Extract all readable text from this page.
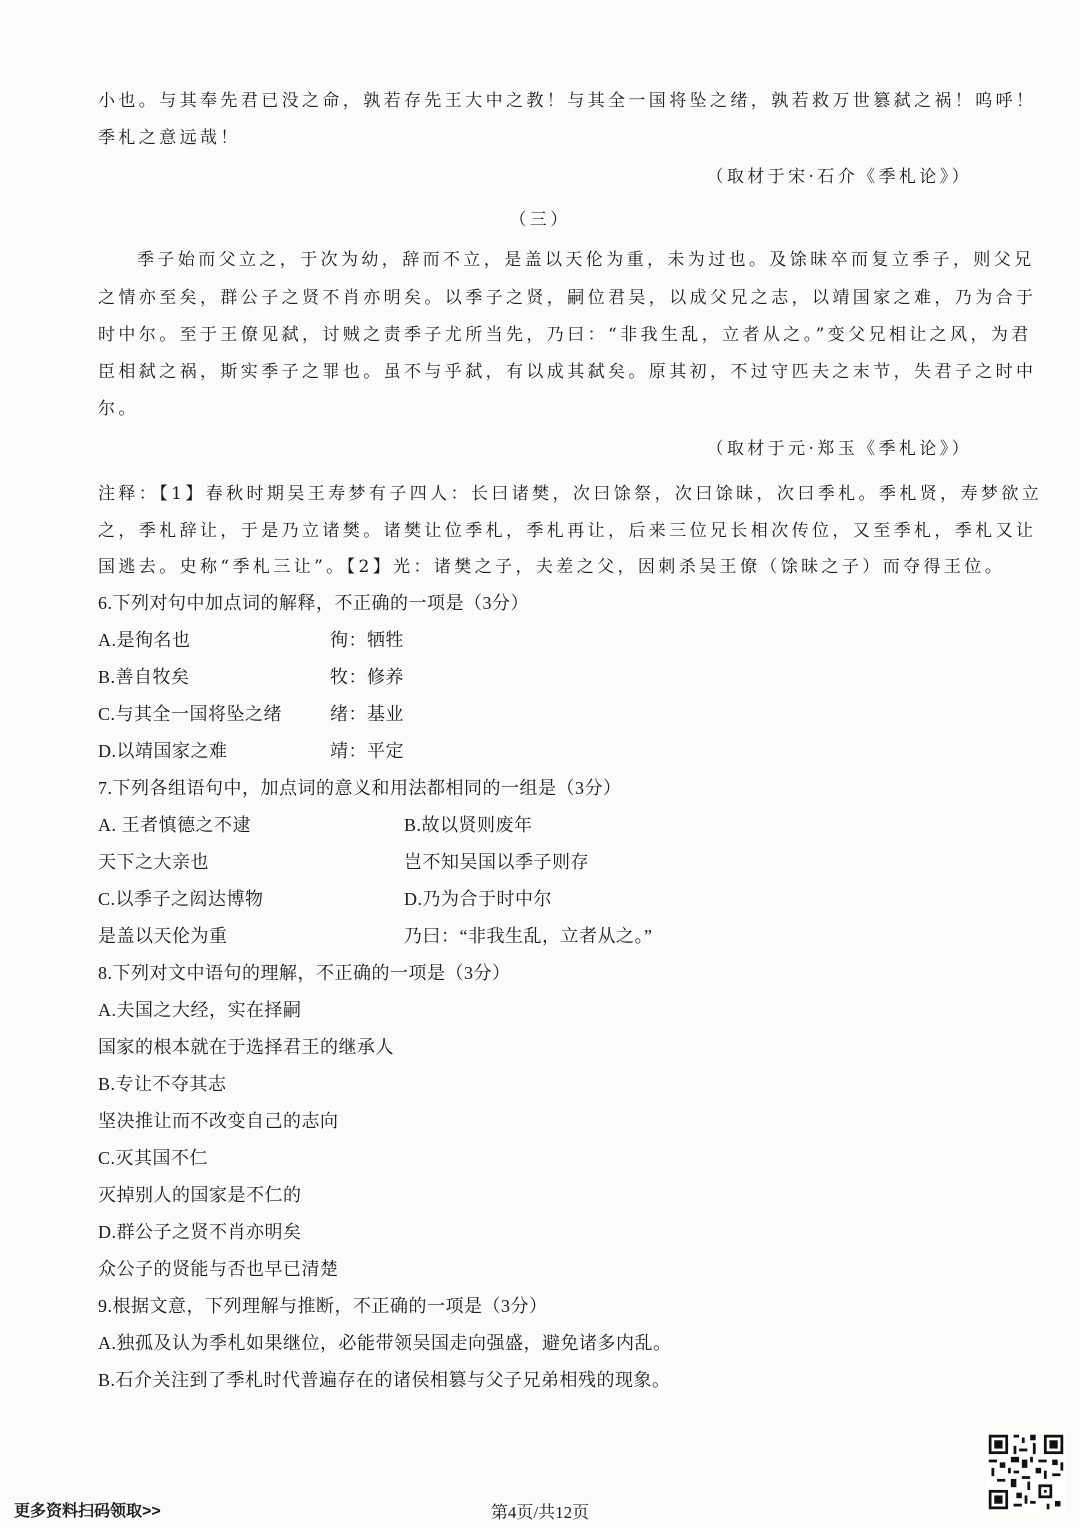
小也。与其奉先君已没之命，孰若存先王大中之教！与其全一国将坠之绪，孰若救万世篡弑之祸！呜呼！
季札之意远哉！
（取材于宋·石介《季札论》）
（三）
季子始而父立之，于次为幼，辞而不立，是盖以天伦为重，未为过也。及馀昧卒而复立季子，则父兄
之情亦至矣，群公子之贤不肖亦明矣。以季子之贤，嗣位君吴，以成父兄之志，以靖国家之难，乃为合于
时中尔。至于王僚见弑，讨贼之责季子尤所当先，乃曰：“非我生乱，立者从之。”变父兄相让之风，为君
臣相弑之祸，斯实季子之罪也。虽不与乎弑，有以成其弑矣。原其初，不过守匹夫之末节，失君子之时中
尔。
（取材于元·郑玉《季札论》）
注释：【1】春秋时期吴王寿梦有子四人：长曰诸樊，次曰馀祭，次曰馀昧，次曰季札。季札贤，寿梦欲立
之，季札辞让，于是乃立诸樊。诸樊让位季札，季札再让，后来三位兄长相次传位，又至季札，季札又让
国逃去。史称“季札三让”。【2】光：诸樊之子，夫差之父，因刺杀吴王僚（馀昧之子）而夺得王位。
6.下列对句中加点词的解释，不正确的一项是（3分）
A.是徇名也	徇：牺牲
B.善自牧矣	牧：修养
C.与其全一国将坠之绪	绪：基业
D.以靖国家之难	靖：平定
7.下列各组语句中，加点词的意义和用法都相同的一组是（3分）
A. 王者慎德之不逮	B.故以贤则废年
天下之大亲也	岂不知吴国以季子则存
C.以季子之闳达博物	D.乃为合于时中尔
是盖以天伦为重	乃曰：“非我生乱，立者从之。”
8.下列对文中语句的理解，不正确的一项是（3分）
A.夫国之大经，实在择嗣
国家的根本就在于选择君王的继承人
B.专让不夺其志
坚决推让而不改变自己的志向
C.灭其国不仁
灭掉别人的国家是不仁的
D.群公子之贤不肖亦明矣
众公子的贤能与否也早已清楚
9.根据文意，下列理解与推断，不正确的一项是（3分）
A.独孤及认为季札如果继位，必能带领吴国走向强盛，避免诸多内乱。
B.石介关注到了季札时代普遍存在的诸侯相篡与父子兄弟相残的现象。
更多资料扫码领取>>	第4页/共12页
